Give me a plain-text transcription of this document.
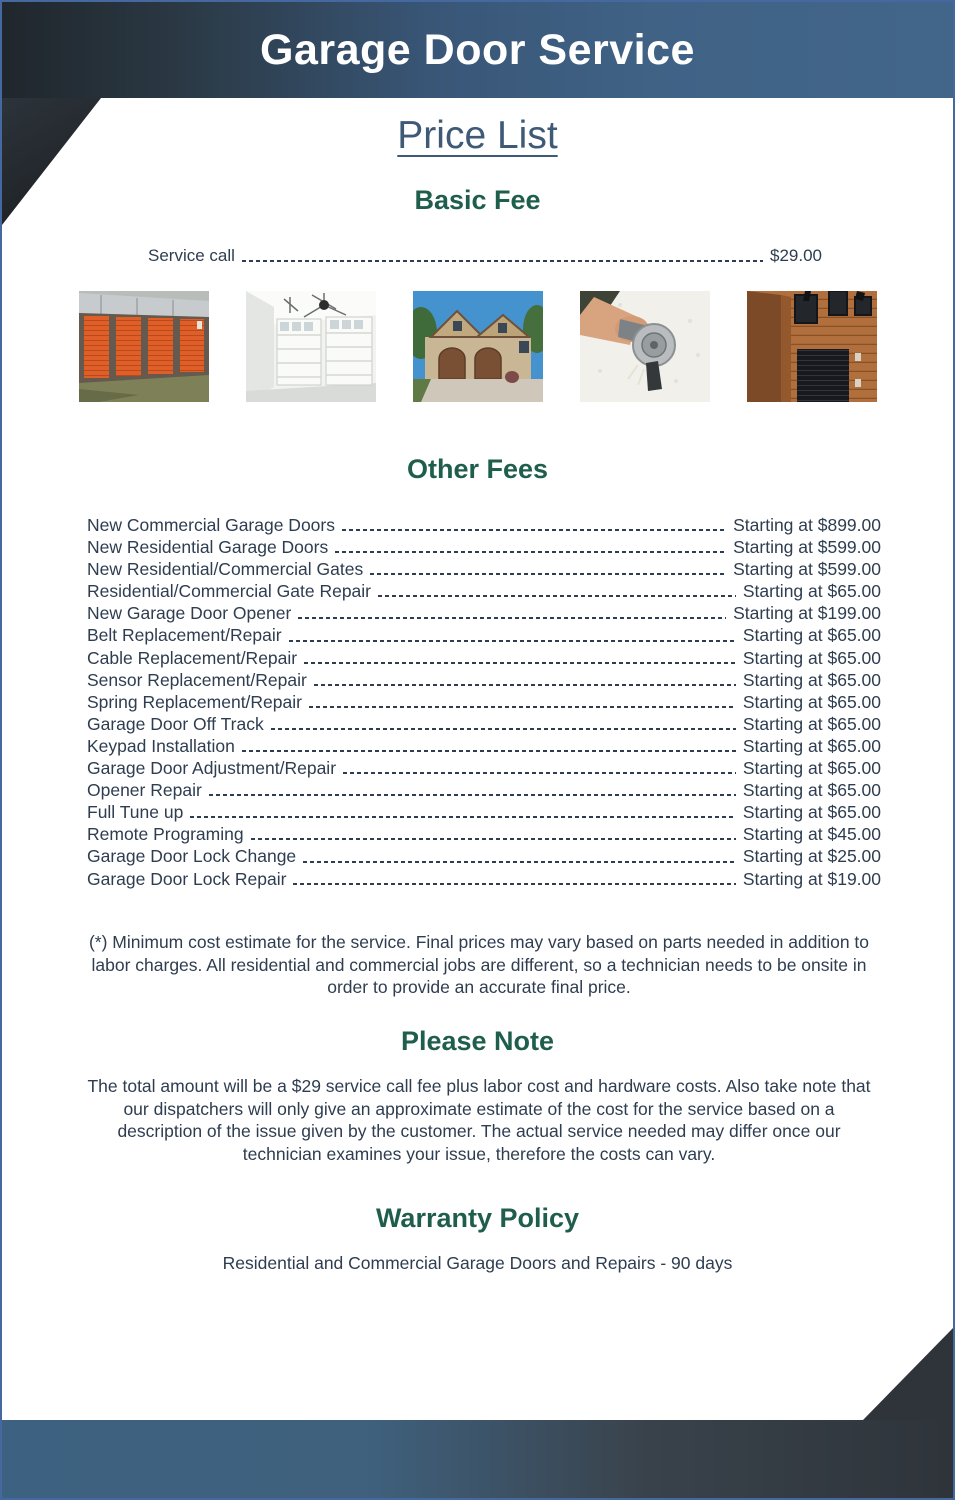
Garage Door Service
Price List
Basic Fee
Service call	$29.00
Other Fees
New Commercial Garage Doors	Starting at $899.00
New Residential Garage Doors	Starting at $599.00
New Residential/Commercial Gates	Starting at $599.00
Residential/Commercial Gate Repair	Starting at $65.00
New Garage Door Opener	Starting at $199.00
Belt Replacement/Repair	Starting at $65.00
Cable Replacement/Repair	Starting at $65.00
Sensor Replacement/Repair	Starting at $65.00
Spring Replacement/Repair	Starting at $65.00
Garage Door Off Track	Starting at $65.00
Keypad Installation	Starting at $65.00
Garage Door Adjustment/Repair	Starting at $65.00
Opener Repair	Starting at $65.00
Full Tune up	Starting at $65.00
Remote Programing	Starting at $45.00
Garage Door Lock Change	Starting at $25.00
Garage Door Lock Repair	Starting at $19.00

(*) Minimum cost estimate for the service. Final prices may vary based on parts needed in addition to labor charges. All residential and commercial jobs are different, so a technician needs to be onsite in order to provide an accurate final price.

Please Note

The total amount will be a $29 service call fee plus labor cost and hardware costs. Also take note that our dispatchers will only give an approximate estimate of the cost for the service based on a description of the issue given by the customer. The actual service needed may differ once our technician examines your issue, therefore the costs can vary.

Warranty Policy

Residential and Commercial Garage Doors and Repairs - 90 days
